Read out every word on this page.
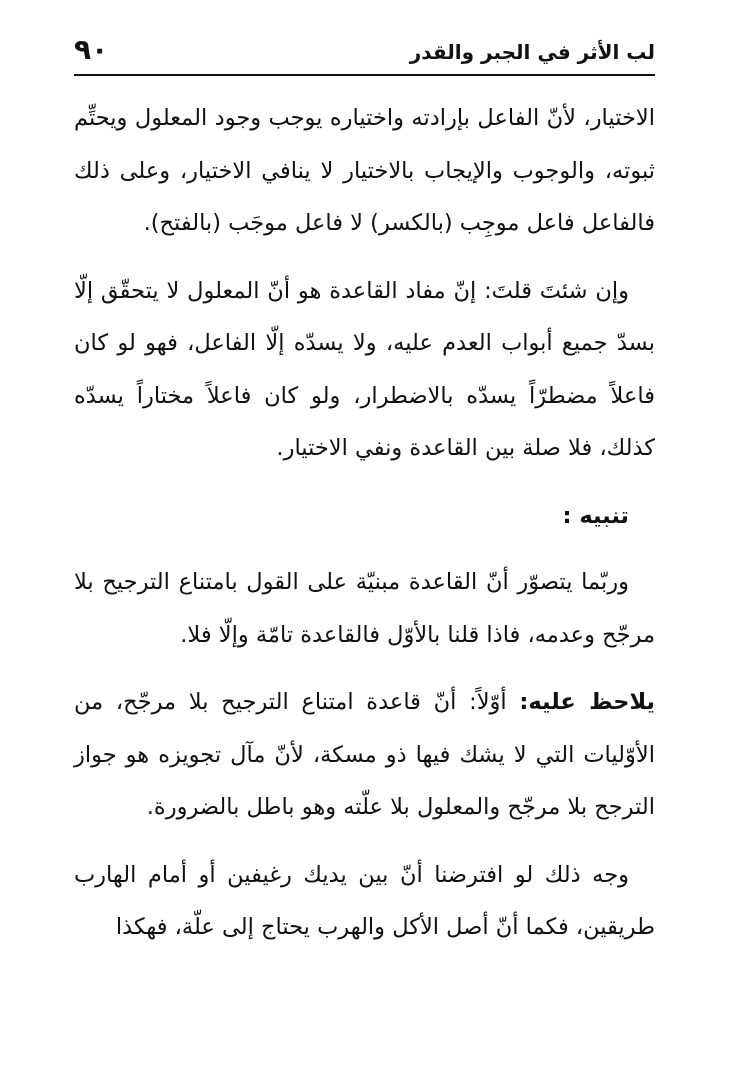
لب الأثر في الجبر والقدر
٩٠

الاختيار، لأنّ الفاعل بإرادته واختياره يوجب وجود المعلول ويحتِّم ثبوته، والوجوب والإيجاب بالاختيار لا ينافي الاختيار، وعلى ذلك فالفاعل فاعل موجِب (بالكسر) لا فاعل موجَب (بالفتح).

وإن شئتَ قلتَ: إنّ مفاد القاعدة هو أنّ المعلول لا يتحقّق إلّا بسدّ جميع أبواب العدم عليه، ولا يسدّه إلّا الفاعل، فهو لو كان فاعلاً مضطرّاً يسدّه بالاضطرار، ولو كان فاعلاً مختاراً يسدّه كذلك، فلا صلة بين القاعدة ونفي الاختيار.

تنبيه :

وربّما يتصوّر أنّ القاعدة مبنيّة على القول بامتناع الترجيح بلا مرجّح وعدمه، فاذا قلنا بالأوّل فالقاعدة تامّة وإلّا فلا.

يلاحظ عليه: أوّلاً: أنّ قاعدة امتناع الترجيح بلا مرجّح، من الأوّليات التي لا يشك فيها ذو مسكة، لأنّ مآل تجويزه هو جواز الترجح بلا مرجّح والمعلول بلا علّته وهو باطل بالضرورة.

وجه ذلك لو افترضنا أنّ بين يديك رغيفين أو أمام الهارب طريقين، فكما أنّ أصل الأكل والهرب يحتاج إلى علّة، فهكذا
